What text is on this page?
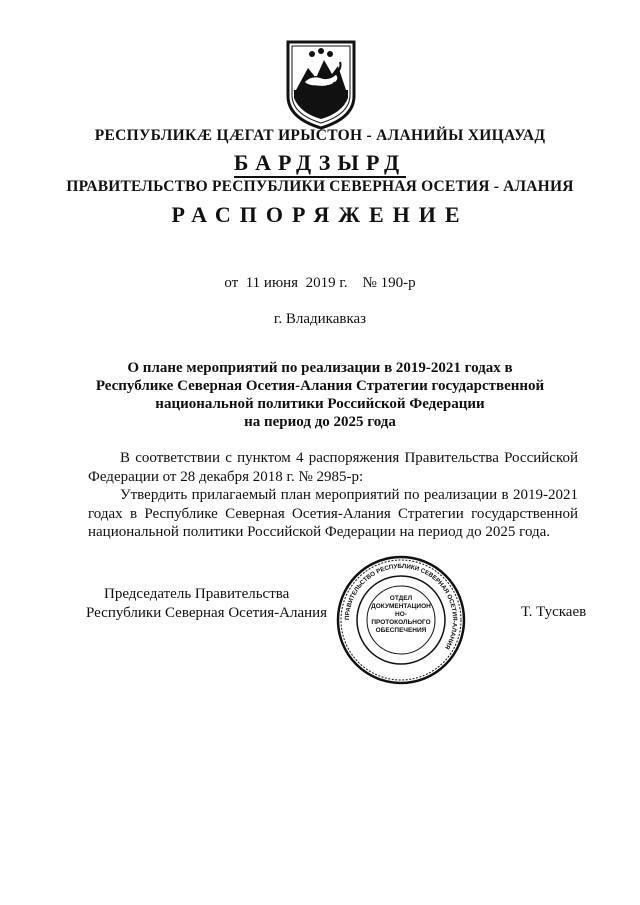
РЕСПУБЛИКÆ ЦÆГАТ ИРЫСТОН - АЛАНИЙЫ ХИЦАУАД
БАРДЗЫРД
ПРАВИТЕЛЬСТВО РЕСПУБЛИКИ СЕВЕРНАЯ ОСЕТИЯ - АЛАНИЯ
РАСПОРЯЖЕНИЕ
от  11 июня  2019 г.    № 190-р
г. Владикавказ
О плане мероприятий по реализации в 2019-2021 годах в
Республике Северная Осетия-Алания Стратегии государственной
национальной политики Российской Федерации
на период до 2025 года

В соответствии с пунктом 4 распоряжения Правительства Российской Федерации от 28 декабря 2018 г. № 2985-р:

Утвердить прилагаемый план мероприятий по реализации в 2019-2021 годах в Республике Северная Осетия-Алания Стратегии государственной национальной политики Российской Федерации на период до 2025 года.

Председатель Правительства
Республики Северная Осетия-Алания	ПРАВИТЕЛЬСТВО РЕСПУБЛИКИ СЕВЕРНАЯ ОСЕТИЯ-АЛАНИЯ
ОТДЕЛ ДОКУМЕНТАЦИОННО-ПРОТОКОЛЬНОГО ОБЕСПЕЧЕНИЯ
Т. Тускаев
